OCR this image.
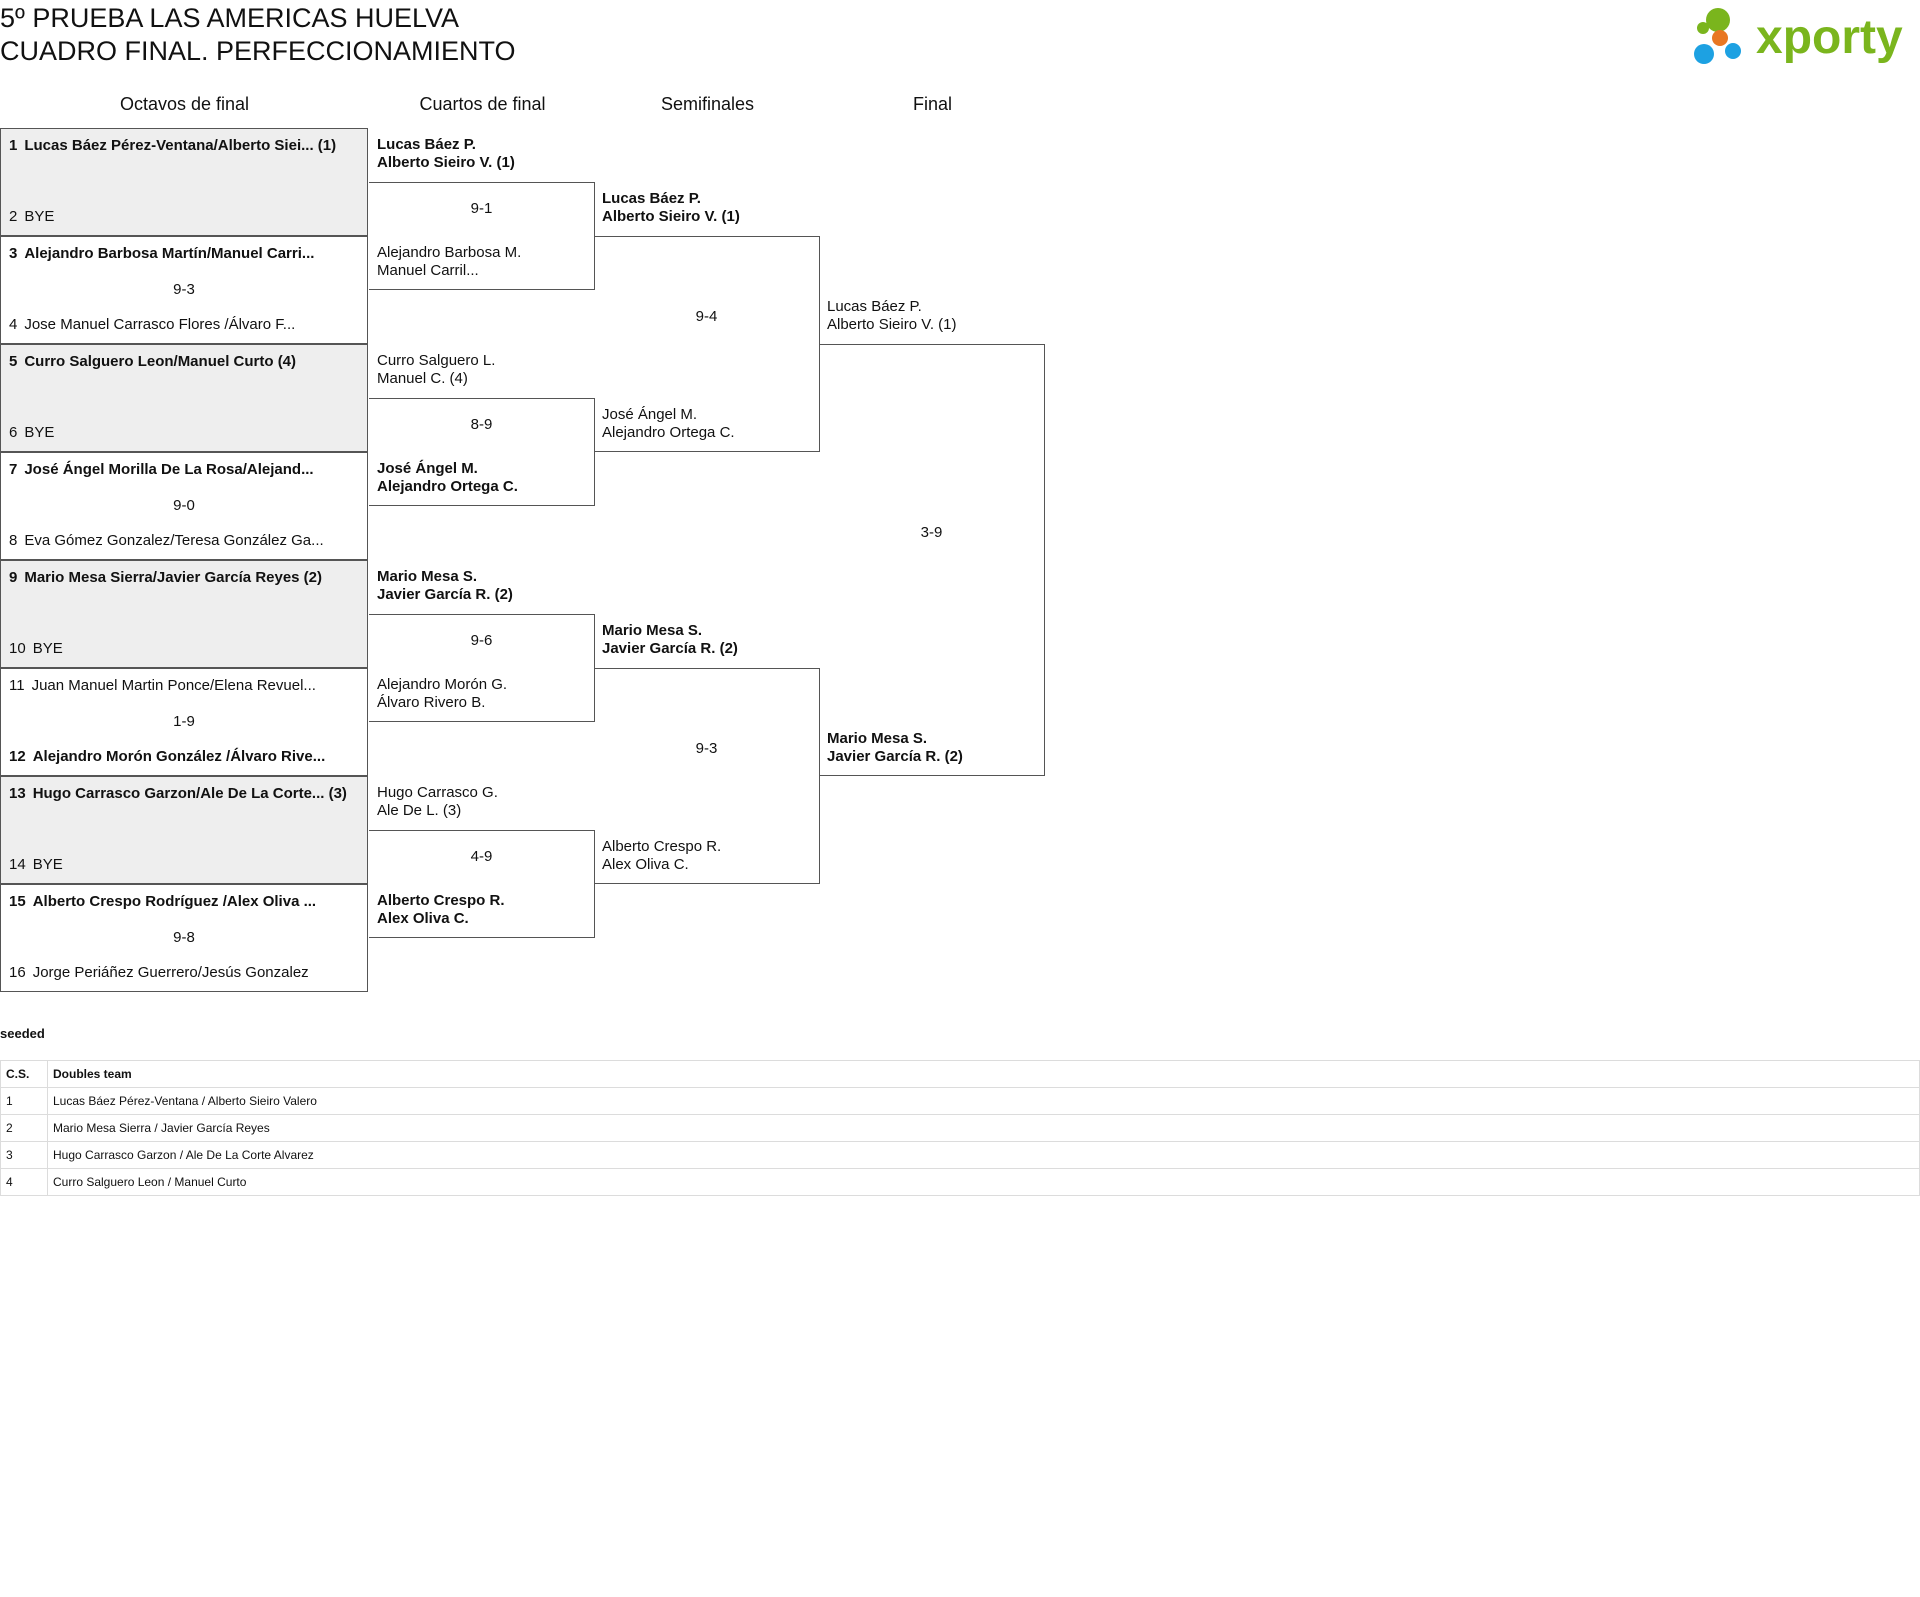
5º PRUEBA LAS AMERICAS HUELVA
CUADRO FINAL. PERFECCIONAMIENTO	xporty
Octavos de final	Cuartos de final	Semifinales	Final
1 Lucas Báez Pérez-Ventana/Alberto Siei... (1)
2 BYE
3 Alejandro Barbosa Martín/Manuel Carri...
9-3
4 Jose Manuel Carrasco Flores /Álvaro F...
5 Curro Salguero Leon/Manuel Curto (4)
6 BYE
7 José Ángel Morilla De La Rosa/Alejand...
9-0
8 Eva Gómez Gonzalez/Teresa González Ga...
9 Mario Mesa Sierra/Javier García Reyes (2)
10 BYE
11 Juan Manuel Martin Ponce/Elena Revuel...
1-9
12 Alejandro Morón González /Álvaro Rive...
13 Hugo Carrasco Garzon/Ale De La Corte... (3)
14 BYE
15 Alberto Crespo Rodríguez /Alex Oliva ...
9-8
16 Jorge Periáñez Guerrero/Jesús Gonzalez
Lucas Báez P.
Alberto Sieiro V. (1)
9-1
Alejandro Barbosa M.
Manuel Carril...
Curro Salguero L.
Manuel C. (4)
8-9
José Ángel M.
Alejandro Ortega C.
Mario Mesa S.
Javier García R. (2)
9-6
Alejandro Morón G.
Álvaro Rivero B.
Hugo Carrasco G.
Ale De L. (3)
4-9
Alberto Crespo R.
Alex Oliva C.
Lucas Báez P.
Alberto Sieiro V. (1)
9-4
José Ángel M.
Alejandro Ortega C.
Mario Mesa S.
Javier García R. (2)
9-3
Alberto Crespo R.
Alex Oliva C.
Lucas Báez P.
Alberto Sieiro V. (1)
3-9
Mario Mesa S.
Javier García R. (2)
seeded
C.S.	Doubles team
1	Lucas Báez Pérez-Ventana / Alberto Sieiro Valero
2	Mario Mesa Sierra / Javier García Reyes
3	Hugo Carrasco Garzon / Ale De La Corte Alvarez
4	Curro Salguero Leon / Manuel Curto
